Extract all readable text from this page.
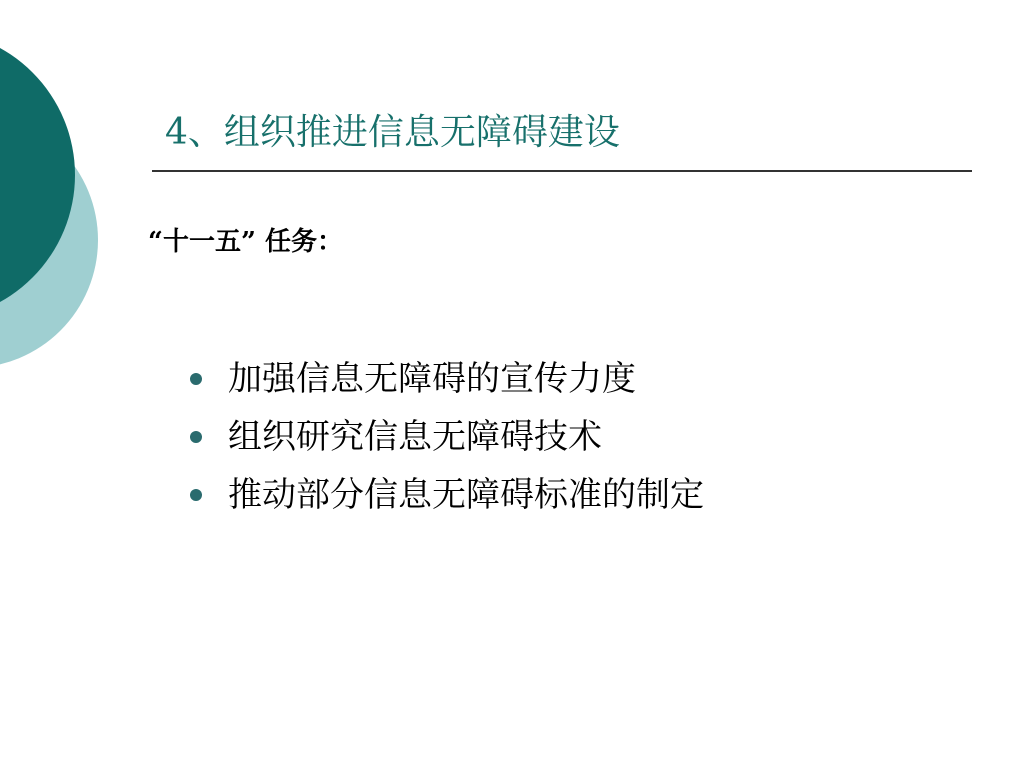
4、组织推进信息无障碍建设
“十一五” 任务：
加强信息无障碍的宣传力度
组织研究信息无障碍技术
推动部分信息无障碍标准的制定
